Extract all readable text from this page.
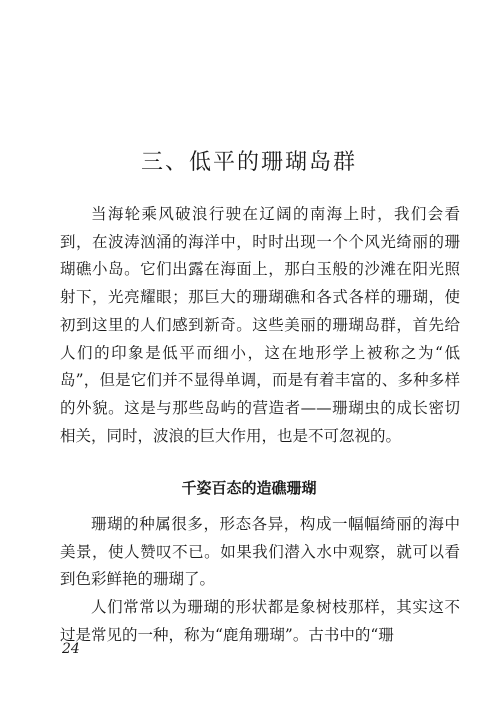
三、低平的珊瑚岛群

当海轮乘风破浪行驶在辽阔的南海上时，我们会看到，在波涛汹涌的海洋中，时时出现一个个风光绮丽的珊瑚礁小岛。它们出露在海面上，那白玉般的沙滩在阳光照射下，光亮耀眼；那巨大的珊瑚礁和各式各样的珊瑚，使初到这里的人们感到新奇。这些美丽的珊瑚岛群，首先给人们的印象是低平而细小，这在地形学上被称之为“低岛”，但是它们并不显得单调，而是有着丰富的、多种多样的外貌。这是与那些岛屿的营造者——珊瑚虫的成长密切相关，同时，波浪的巨大作用，也是不可忽视的。

千姿百态的造礁珊瑚

珊瑚的种属很多，形态各异，构成一幅幅绮丽的海中美景，使人赞叹不已。如果我们潜入水中观察，就可以看到色彩鲜艳的珊瑚了。

人们常常以为珊瑚的形状都是象树枝那样，其实这不过是常见的一种，称为“鹿角珊瑚”。古书中的“珊

24
